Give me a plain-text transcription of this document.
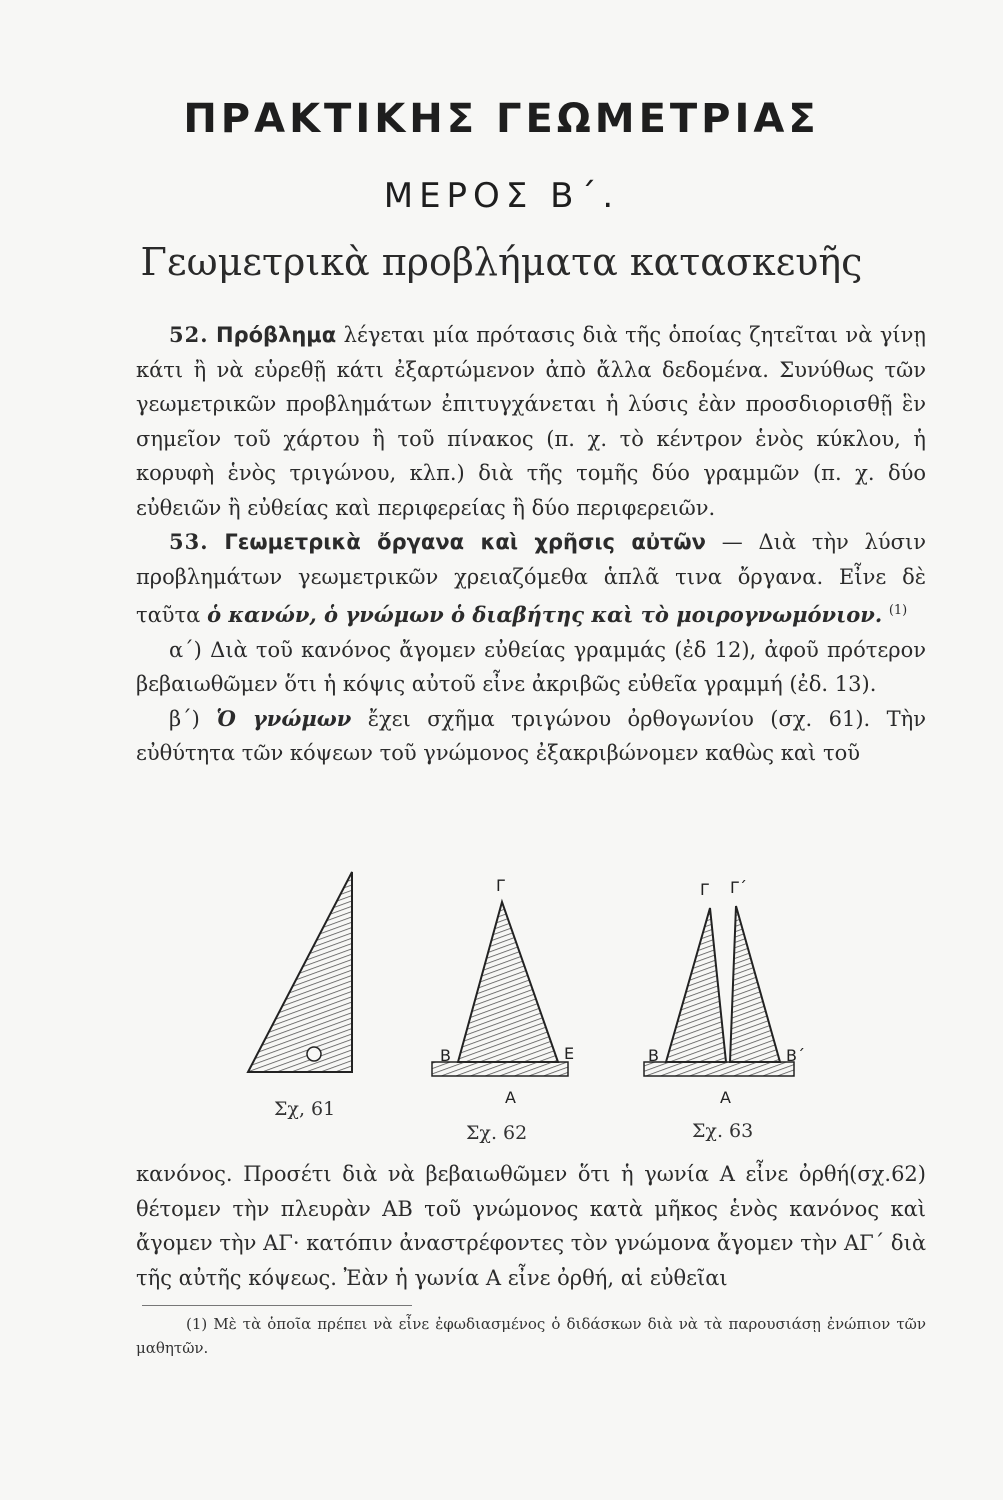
ΠΡΑΚΤΙΚΗΣ ΓΕΩΜΕΤΡΙΑΣ
ΜΕΡΟΣ Β΄.
Γεωμετρικὰ προβλήματα κατασκευῆς

52. Πρόβλημα λέγεται μία πρότασις διὰ τῆς ὁποίας ζητεῖται νὰ γίνῃ κάτι ἢ νὰ εὑρεθῇ κάτι ἐξαρτώμενον ἀπὸ ἄλλα δεδομένα. Συνύθως τῶν γεωμετρικῶν προβλημάτων ἐπιτυγχάνεται ἡ λύσις ἐὰν προσδιορισθῇ ἓν σημεῖον τοῦ χάρτου ἢ τοῦ πίνακος (π. χ. τὸ κέντρον ἑνὸς κύκλου, ἡ κορυφὴ ἑνὸς τριγώνου, κλπ.) διὰ τῆς τομῆς δύο γραμμῶν (π. χ. δύο εὐθειῶν ἢ εὐθείας καὶ περιφερείας ἢ δύο περιφερειῶν.

53. Γεωμετρικὰ ὄργανα καὶ χρῆσις αὐτῶν — Διὰ τὴν λύσιν προβλημάτων γεωμετρικῶν χρειαζόμεθα ἁπλᾶ τινα ὄργανα. Εἶνε δὲ ταῦτα ὁ κανών, ὁ γνώμων ὁ διαβήτης καὶ τὸ μοιρογνωμόνιον. $^{(1)}$

α΄) Διὰ τοῦ κανόνος ἄγομεν εὐθείας γραμμάς (ἐδ 12), ἀφοῦ πρότερον βεβαιωθῶμεν ὅτι ἡ κόψις αὐτοῦ εἶνε ἀκριβῶς εὐθεῖα γραμμή (ἐδ. 13).

β΄) Ὁ γνώμων ἔχει σχῆμα τριγώνου ὀρθογωνίου (σχ. 61). Τὴν εὐθύτητα τῶν κόψεων τοῦ γνώμονος ἐξακριβώνομεν καθὼς καὶ τοῦ

Γ
Β	Ε
Α
Γ Γ΄
Β	Β΄
Α
Σχ, 61
Σχ. 62	Σχ. 63

κανόνος. Προσέτι διὰ νὰ βεβαιωθῶμεν ὅτι ἡ γωνία Α εἶνε ὀρθή(σχ.62) θέτομεν τὴν πλευρὰν ΑΒ τοῦ γνώμονος κατὰ μῆκος ἑνὸς κανόνος καὶ ἄγομεν τὴν ΑΓ· κατόπιν ἀναστρέφοντες τὸν γνώμονα ἄγομεν τὴν ΑΓ΄ διὰ τῆς αὐτῆς κόψεως. Ἐὰν ἡ γωνία Α εἶνε ὀρθή, αἱ εὐθεῖαι

(1) Μὲ τὰ ὁποῖα πρέπει νὰ εἶνε ἐφωδιασμένος ὁ διδάσκων διὰ νὰ τὰ παρουσιάσῃ ἐνώπιον τῶν μαθητῶν.
